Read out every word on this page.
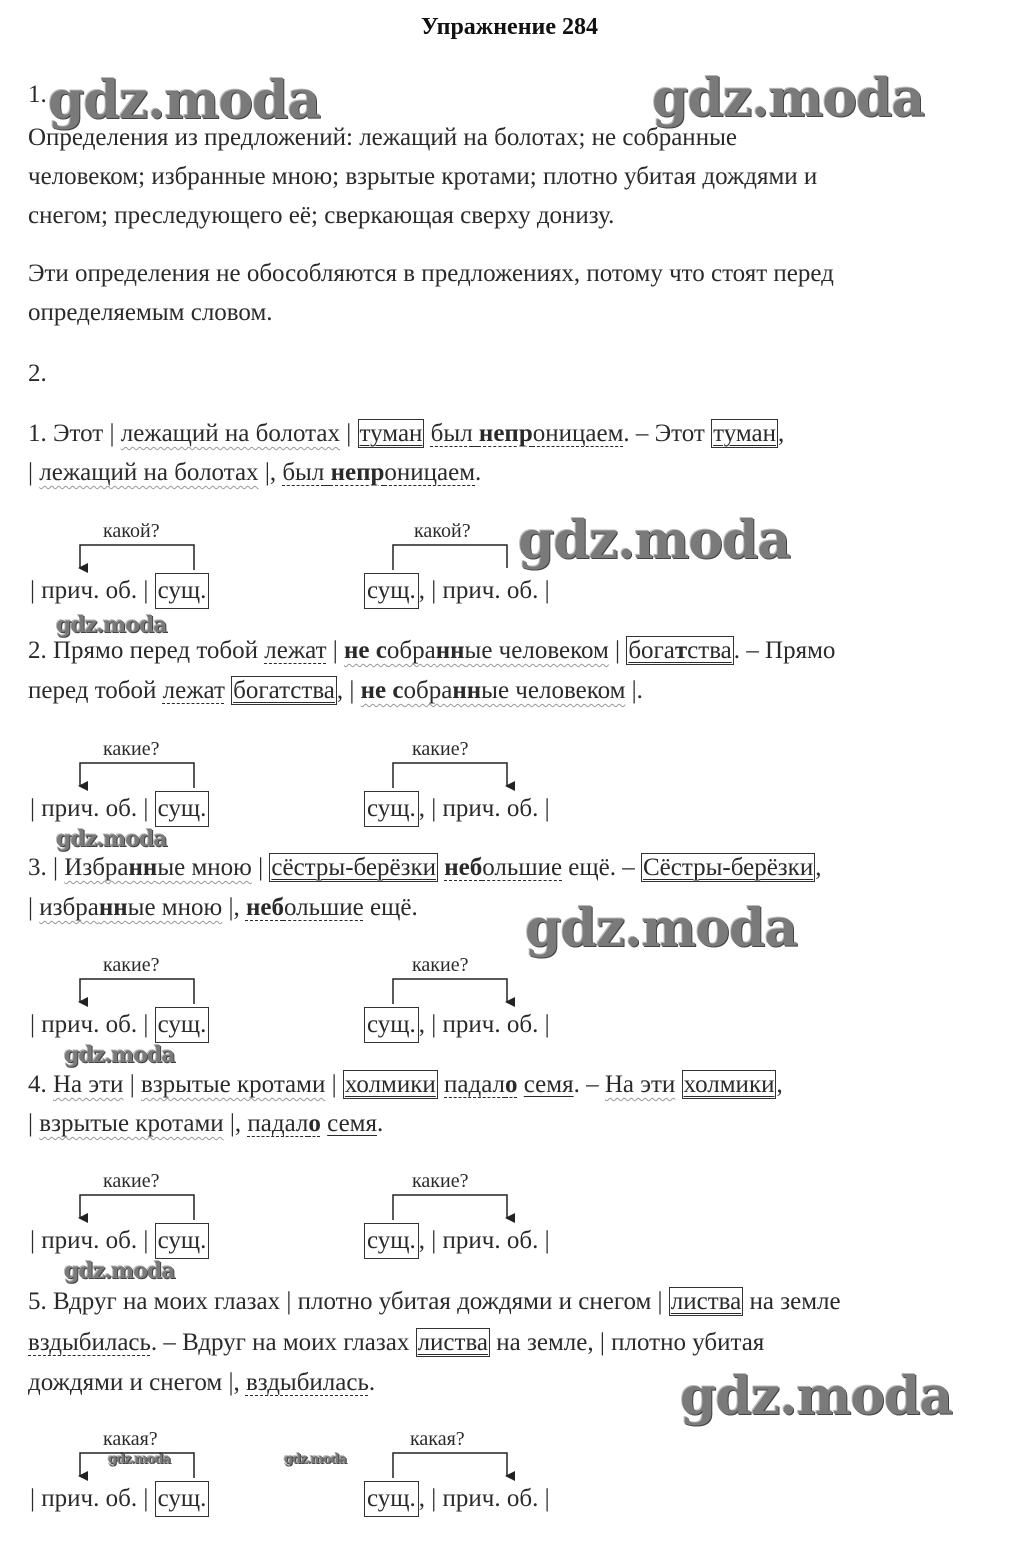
Упражнение 284
gdz.moda	gdz.moda
gdz.moda
gdz.moda
gdz.moda
gdz.moda
gdz.moda
gdz.moda
gdz.moda
gdz.moda	gdz.moda
1.
Определения из предложений: лежащий на болотах; не собранные
человеком; избранные мною; взрытые кротами; плотно убитая дождями и
снегом; преследующего её; сверкающая сверху донизу.
Эти определения не обособляются в предложениях, потому что стоят перед
определяемым словом.
2.
1. Этот | лежащий на болотах | туман был непроницаем. – Этот туман,
| лежащий на болотах |, был непроницаем.
2. Прямо перед тобой лежат | не собранные человеком | богатства. – Прямо
перед тобой лежат богатства, | не собранные человеком |.
3. | Избранные мною | сёстры-берёзки небольшие ещё. – Сёстры-берёзки,
| избранные мною |, небольшие ещё.
4. На эти | взрытые кротами | холмики падало семя. – На эти холмики,
| взрытые кротами |, падало семя.
5. Вдруг на моих глазах | плотно убитая дождями и снегом | листва на земле
вздыбилась. – Вдруг на моих глазах листва на земле, | плотно убитая
дождями и снегом |, вздыбилась.
какой?	какой?
какие?	какие?
какие?	какие?
какие?	какие?
какая?	какая?
| прич. об. | сущ.	сущ. , | прич. об. |
| прич. об. | сущ.	сущ. , | прич. об. |
| прич. об. | сущ.	сущ. , | прич. об. |
| прич. об. | сущ.	сущ. , | прич. об. |
| прич. об. | сущ.	сущ. , | прич. об. |
